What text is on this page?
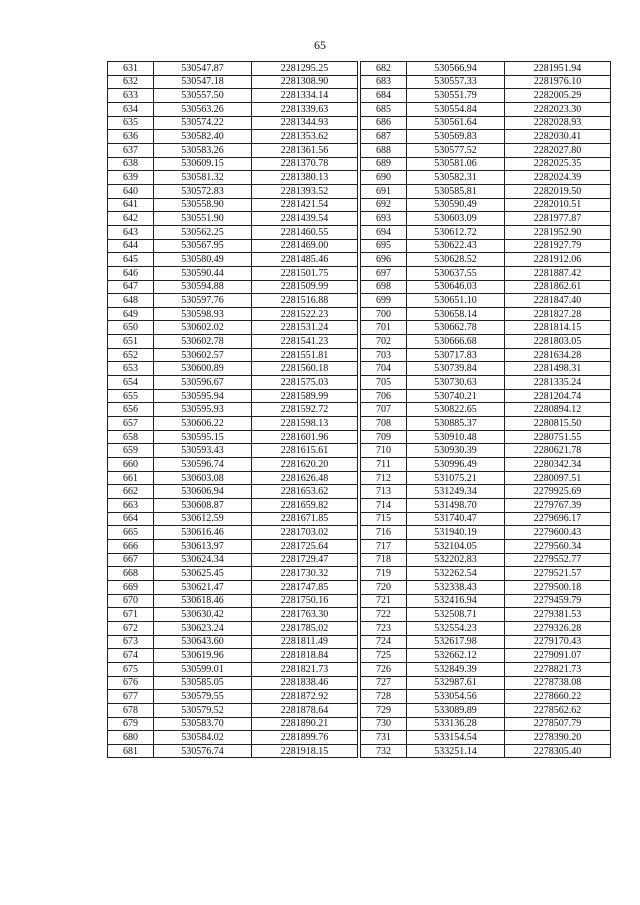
65
631	530547.87	2281295.25
632	530547.18	2281308.90
633	530557.50	2281334.14
634	530563.26	2281339.63
635	530574.22	2281344.93
636	530582.40	2281353.62
637	530583.26	2281361.56
638	530609.15	2281370.78
639	530581.32	2281380.13
640	530572.83	2281393.52
641	530558.90	2281421.54
642	530551.90	2281439.54
643	530562.25	2281460.55
644	530567.95	2281469.00
645	530580.49	2281485.46
646	530590.44	2281501.75
647	530594.88	2281509.99
648	530597.76	2281516.88
649	530598.93	2281522.23
650	530602.02	2281531.24
651	530602.78	2281541.23
652	530602.57	2281551.81
653	530600.89	2281560.18
654	530596.67	2281575.03
655	530595.94	2281589.99
656	530595.93	2281592.72
657	530606.22	2281598.13
658	530595.15	2281601.96
659	530593.43	2281615.61
660	530596.74	2281620.20
661	530603.08	2281626.48
662	530606.94	2281653.62
663	530608.87	2281659.82
664	530612.59	2281671.85
665	530616.46	2281703.02
666	530613.97	2281725.64
667	530624.34	2281729.47
668	530625.45	2281730.32
669	530621.47	2281747.85
670	530618.46	2281750.16
671	530630.42	2281763.30
672	530623.24	2281785.02
673	530643.60	2281811.49
674	530619.96	2281818.84
675	530599.01	2281821.73
676	530585.05	2281838.46
677	530579.55	2281872.92
678	530579.52	2281878.64
679	530583.70	2281890.21
680	530584.02	2281899.76
681	530576.74	2281918.15
682	530566.94	2281951.94
683	530557.33	2281976.10
684	530551.79	2282005.29
685	530554.84	2282023.30
686	530561.64	2282028.93
687	530569.83	2282030.41
688	530577.52	2282027.80
689	530581.06	2282025.35
690	530582.31	2282024.39
691	530585.81	2282019.50
692	530590.49	2282010.51
693	530603.09	2281977.87
694	530612.72	2281952.90
695	530622.43	2281927.79
696	530628.52	2281912.06
697	530637.55	2281887.42
698	530646.03	2281862.61
699	530651.10	2281847.40
700	530658.14	2281827.28
701	530662.78	2281814.15
702	530666.68	2281803.05
703	530717.83	2281634.28
704	530739.84	2281498.31
705	530730.63	2281335.24
706	530740.21	2281204.74
707	530822.65	2280894.12
708	530885.37	2280815.50
709	530910.48	2280751.55
710	530930.39	2280621.78
711	530996.49	2280342.34
712	531075.21	2280097.51
713	531249.34	2279925.69
714	531498.70	2279767.39
715	531740.47	2279696.17
716	531940.19	2279600.43
717	532104.05	2279560.34
718	532202.83	2279552.77
719	532262.54	2279521.57
720	532338.43	2279500.18
721	532416.94	2279459.79
722	532508.71	2279381.53
723	532554.23	2279326.28
724	532617.98	2279170.43
725	532662.12	2279091.07
726	532849.39	2278821.73
727	532987.61	2278738.08
728	533054.56	2278660.22
729	533089.89	2278562.62
730	533136.28	2278507.79
731	533154.54	2278390.20
732	533251.14	2278305.40
